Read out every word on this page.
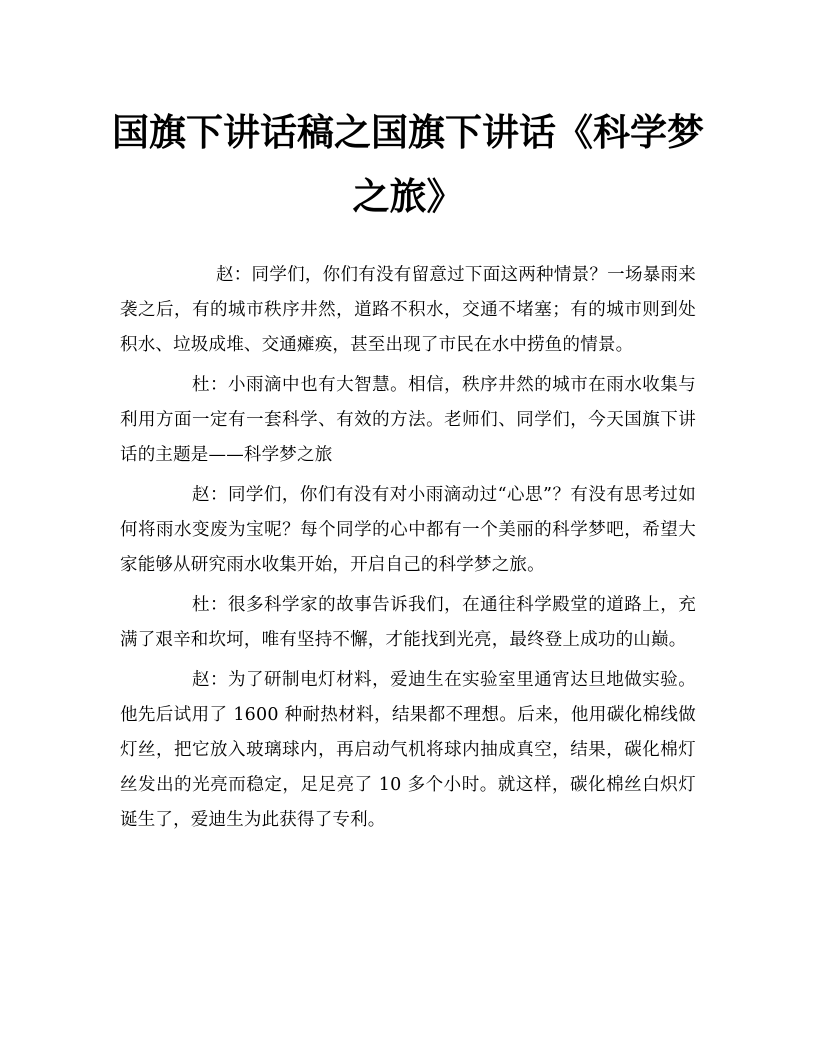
国旗下讲话稿之国旗下讲话《科学梦之旅》

赵：同学们，你们有没有留意过下面这两种情景？一场暴雨来袭之后，有的城市秩序井然，道路不积水，交通不堵塞；有的城市则到处积水、垃圾成堆、交通瘫痪，甚至出现了市民在水中捞鱼的情景。

杜：小雨滴中也有大智慧。相信，秩序井然的城市在雨水收集与利用方面一定有一套科学、有效的方法。老师们、同学们，今天国旗下讲话的主题是——科学梦之旅

赵：同学们，你们有没有对小雨滴动过“心思”？有没有思考过如何将雨水变废为宝呢？每个同学的心中都有一个美丽的科学梦吧，希望大家能够从研究雨水收集开始，开启自己的科学梦之旅。

杜：很多科学家的故事告诉我们，在通往科学殿堂的道路上，充满了艰辛和坎坷，唯有坚持不懈，才能找到光亮，最终登上成功的山巅。

赵：为了研制电灯材料，爱迪生在实验室里通宵达旦地做实验。他先后试用了 1600 种耐热材料，结果都不理想。后来，他用碳化棉线做灯丝，把它放入玻璃球内，再启动气机将球内抽成真空，结果，碳化棉灯丝发出的光亮而稳定，足足亮了 10 多个小时。就这样，碳化棉丝白炽灯诞生了，爱迪生为此获得了专利。
